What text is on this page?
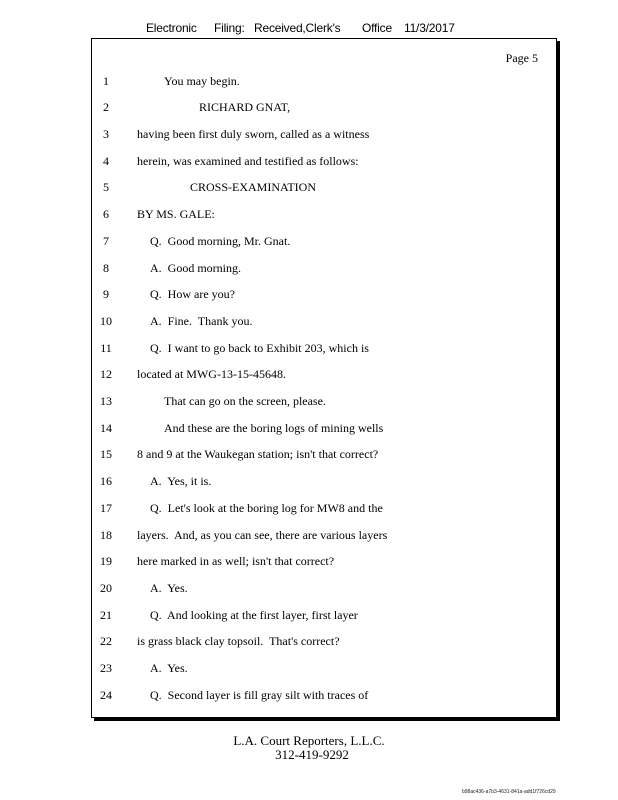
Electronic Filing: Received,Clerk's Office 11/3/2017
Page 5
1	You may begin.
2	RICHARD GNAT,
3	having been first duly sworn, called as a witness
4	herein, was examined and testified as follows:
5	CROSS-EXAMINATION
6	BY MS. GALE:
7	Q.  Good morning, Mr. Gnat.
8	A.  Good morning.
9	Q.  How are you?
10	A.  Fine.  Thank you.
11	Q.  I want to go back to Exhibit 203, which is
12 located at MWG-13-15-45648.
13	That can go on the screen, please.
14	And these are the boring logs of mining wells
15 8 and 9 at the Waukegan station; isn't that correct?
16	A.  Yes, it is.
17	Q.  Let's look at the boring log for MW8 and the
18 layers.  And, as you can see, there are various layers
19 here marked in as well; isn't that correct?
20	A.  Yes.
21	Q.  And looking at the first layer, first layer
22 is grass black clay topsoil.  That's correct?
23	A.  Yes.
24	Q.  Second layer is fill gray silt with traces of
L.A. Court Reporters, L.L.C.
312-419-9292
b98ac436-a7b3-4631-841a-add1f726cd29
